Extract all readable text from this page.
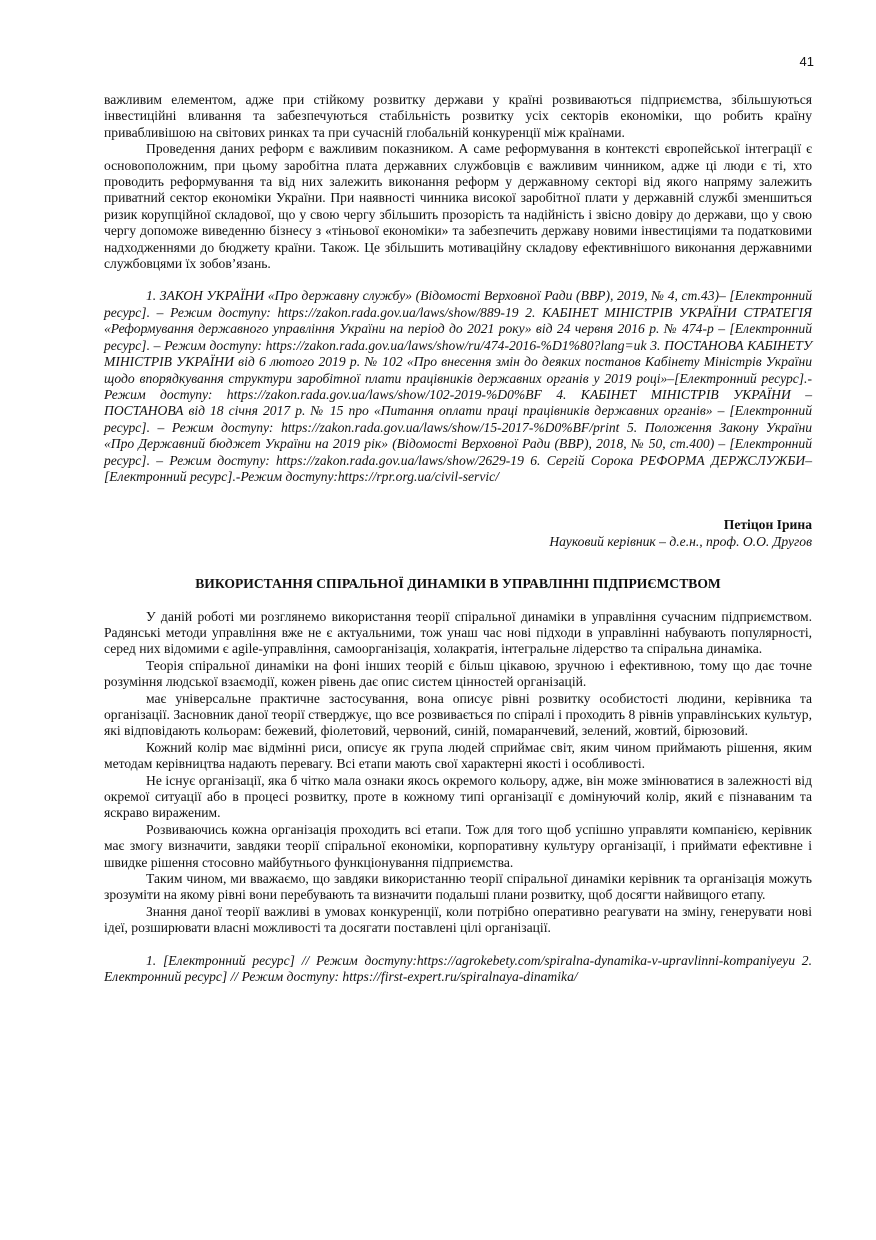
41

важливим елементом, адже при стійкому розвитку держави у країні розвиваються підприємства, збільшуються інвестиційні вливання та забезпечуються стабільність розвитку усіх секторів економіки, що робить країну привабливішою на світових ринках та при сучасній глобальній конкуренції між країнами.

Проведення даних реформ є важливим показником. А саме реформування в контексті європейської інтеграції є основоположним, при цьому заробітна плата державних службовців є важливим чинником, адже ці люди є ті, хто проводить реформування та від них залежить виконання реформ у державному секторі від якого напряму залежить приватний сектор економіки України. При наявності чинника високої заробітної плати у державній службі зменшиться ризик корупційної складової, що у свою чергу збільшить прозорість та надійність і звісно довіру до держави, що у свою чергу допоможе виведенню бізнесу з «тіньової економіки» та забезпечить державу новими інвестиціями та податковими надходженнями до бюджету країни. Також. Це збільшить мотиваційну складову ефективнішого виконання державними службовцями їх зобов’язань.

1. ЗАКОН УКРАЇНИ «Про державну службу» (Відомості Верховної Ради (ВВР), 2019, № 4, ст.43)– [Електронний ресурс]. – Режим доступу: https://zakon.rada.gov.ua/laws/show/889-19 2. КАБІНЕТ МІНІСТРІВ УКРАЇНИ СТРАТЕГІЯ «Реформування державного управління України на період до 2021 року» від 24 червня 2016 р. № 474-р – [Електронний ресурс]. – Режим доступу: https://zakon.rada.gov.ua/laws/show/ru/474-2016-%D1%80?lang=uk 3. ПОСТАНОВА КАБІНЕТУ МІНІСТРІВ УКРАЇНИ від 6 лютого 2019 р. № 102 «Про внесення змін до деяких постанов Кабінету Міністрів України щодо впорядкування структури заробітної плати працівників державних органів у 2019 році»–[Електронний ресурс].- Режим доступу: https://zakon.rada.gov.ua/laws/show/102-2019-%D0%BF 4. КАБІНЕТ МІНІСТРІВ УКРАЇНИ – ПОСТАНОВА від 18 січня 2017 р. № 15 про «Питання оплати праці працівників державних органів» – [Електронний ресурс]. – Режим доступу: https://zakon.rada.gov.ua/laws/show/15-2017-%D0%BF/print 5. Положення Закону України «Про Державний бюджет України на 2019 рік» (Відомості Верховної Ради (ВВР), 2018, № 50, ст.400) – [Електронний ресурс]. – Режим доступу: https://zakon.rada.gov.ua/laws/show/2629-19 6. Сергій Сорока РЕФОРМА ДЕРЖСЛУЖБИ–[Електронний ресурс].-Режим доступу:https://rpr.org.ua/civil-servic/

Петіцон Ірина

Науковий керівник – д.е.н., проф. О.О. Другов

ВИКОРИСТАННЯ СПІРАЛЬНОЇ ДИНАМІКИ В УПРАВЛІННІ ПІДПРИЄМСТВОМ

У даній роботі ми розглянемо використання теорії спіральної динаміки в управління сучасним підприємством. Радянські методи управління вже не є актуальними, тож унаш час нові підходи в управлінні набувають популярності, серед них відомими є agile-управління, самоорганізація, холакратія, інтегральне лідерство та спіральна динаміка.

Теорія спіральної динаміки на фоні інших теорій є більш цікавою, зручною і ефективною, тому що дає точне розуміння людської взаємодії, кожен рівень дає опис систем цінностей організацій.

має універсальне практичне застосування, вона описує рівні розвитку особистості людини, керівника та організації. Засновник даної теорії стверджує, що все розвивається по спіралі і проходить 8 рівнів управлінських культур, які відповідають кольорам: бежевий, фіолетовий, червоний, синій, помаранчевий, зелений, жовтий, бірюзовий.

Кожний колір має відмінні риси, описує як група людей сприймає світ, яким чином приймають рішення, яким методам керівництва надають перевагу. Всі етапи мають свої характерні якості і особливості.

Не існує організації, яка б чітко мала ознаки якось окремого кольору, адже, він може змінюватися в залежності від окремої ситуації або в процесі розвитку, проте в кожному типі організації є домінуючий колір, який є пізнаваним та яскраво вираженим.

Розвиваючись кожна організація проходить всі етапи. Тож для того щоб успішно управляти компанією, керівник має змогу визначити, завдяки теорії спіральної економіки, корпоративну культуру організації, і приймати ефективне і швидке рішення стосовно майбутнього функціонування підприємства.

Таким чином, ми вважаємо, що завдяки використанню теорії спіральної динаміки керівник та організація можуть зрозуміти на якому рівні вони перебувають та визначити подальші плани розвитку, щоб досягти найвищого етапу.

Знання даної теорії важливі в умовах конкуренції, коли потрібно оперативно реагувати на зміну, генерувати нові ідеї, розширювати власні можливості та досягати поставлені цілі організації.

1. [Електронний ресурс] // Режим доступу:https://agrokebety.com/spiralna-dynamika-v-upravlinni-kompaniyeyu 2. Електронний ресурс] // Режим доступу: https://first-expert.ru/spiralnaya-dinamika/
